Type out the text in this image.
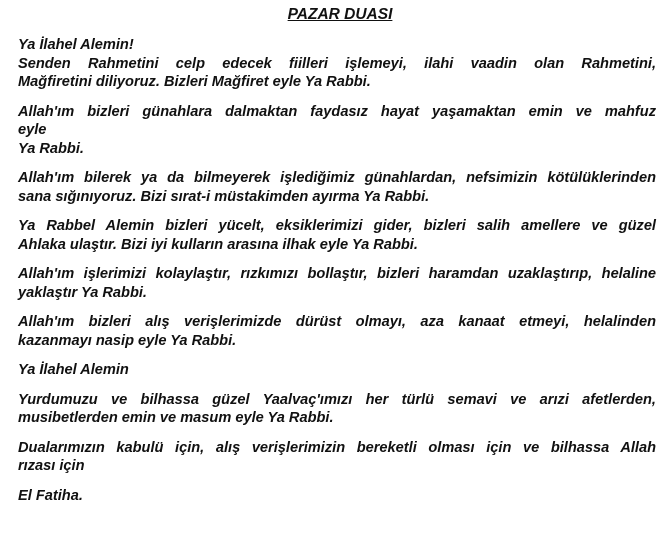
PAZAR DUASI
Ya İlahel Alemin!
Senden Rahmetini celp edecek fiilleri işlemeyi, ilahi vaadin olan Rahmetini,
Mağfiretini diliyoruz. Bizleri Mağfiret eyle Ya Rabbi.
Allah'ım bizleri günahlara dalmaktan faydasız hayat yaşamaktan emin ve mahfuz
eyle
Ya Rabbi.
Allah'ım bilerek ya da bilmeyerek işlediğimiz günahlardan, nefsimizin kötülüklerinden
sana sığınıyoruz. Bizi sırat-i müstakimden ayırma Ya Rabbi.
Ya Rabbel Alemin bizleri yücelt, eksiklerimizi gider, bizleri salih amellere ve güzel
Ahlaka ulaştır. Bizi iyi kulların arasına ilhak eyle Ya Rabbi.
Allah'ım işlerimizi kolaylaştır, rızkımızı bollaştır, bizleri haramdan uzaklaştırıp, helaline
yaklaştır Ya Rabbi.
Allah'ım bizleri alış verişlerimizde dürüst olmayı, aza kanaat etmeyi, helalinden
kazanmayı nasip eyle Ya Rabbi.
Ya İlahel Alemin
Yurdumuzu ve bilhassa güzel Yaalvaç'ımızı her türlü semavi ve arızi afetlerden,
musibetlerden emin ve masum eyle Ya Rabbi.
Dualarımızın kabulü için, alış verişlerimizin bereketli olması için ve bilhassa Allah
rızası için
El Fatiha.
